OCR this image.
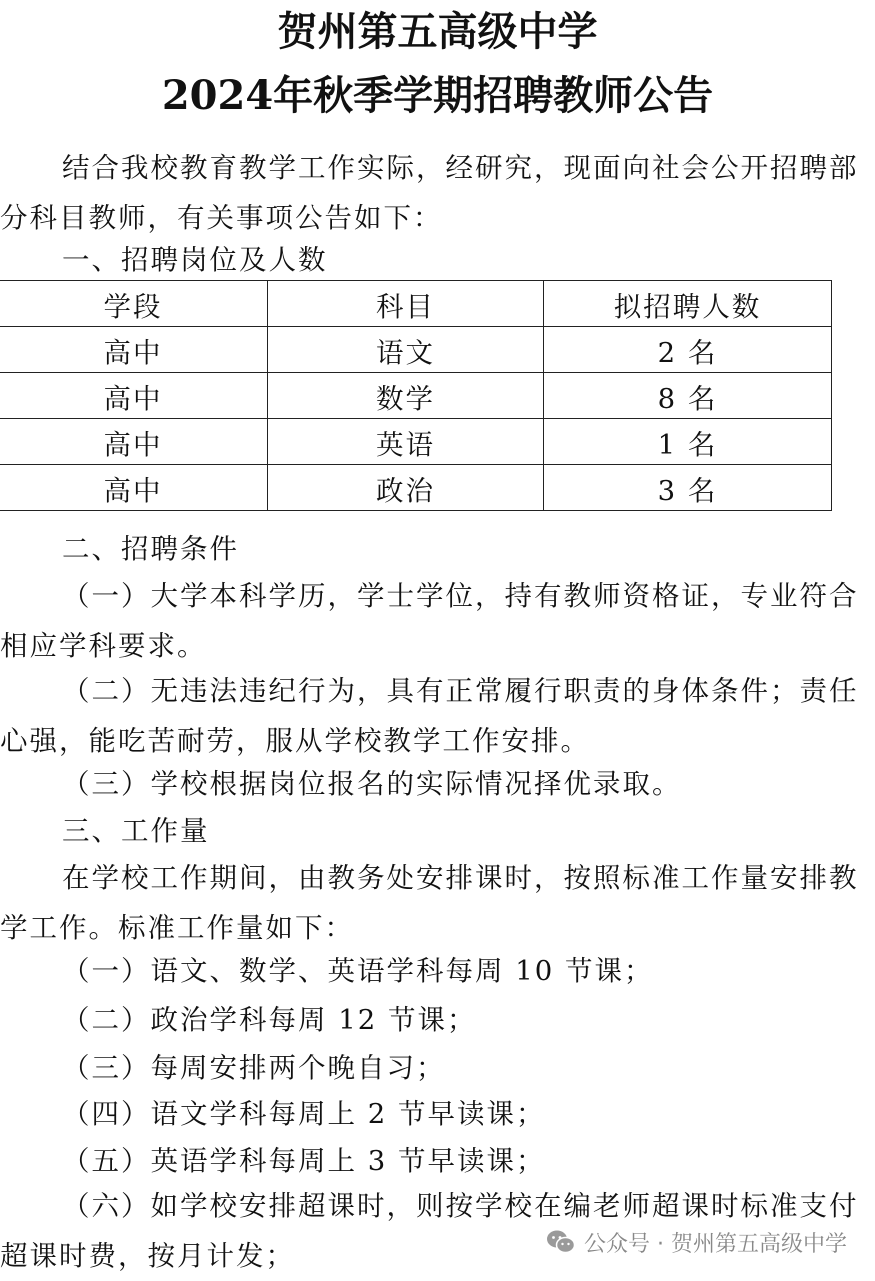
贺州第五高级中学
2024年秋季学期招聘教师公告

结合我校教育教学工作实际，经研究，现面向社会公开招聘部分科目教师，有关事项公告如下：

一、招聘岗位及人数
学段	科目	拟招聘人数
高中	语文	2 名
高中	数学	8 名
高中	英语	1 名
高中	政治	3 名
二、招聘条件

（一）大学本科学历，学士学位，持有教师资格证，专业符合相应学科要求。

（二）无违法违纪行为，具有正常履行职责的身体条件；责任心强，能吃苦耐劳，服从学校教学工作安排。

（三）学校根据岗位报名的实际情况择优录取。

三、工作量

在学校工作期间，由教务处安排课时，按照标准工作量安排教学工作。标准工作量如下：

（一）语文、数学、英语学科每周 10 节课；
（二）政治学科每周 12 节课；
（三）每周安排两个晚自习；
（四）语文学科每周上 2 节早读课；
（五）英语学科每周上 3 节早读课；

（六）如学校安排超课时，则按学校在编老师超课时标准支付超课时费，按月计发；	公众号 · 贺州第五高级中学
